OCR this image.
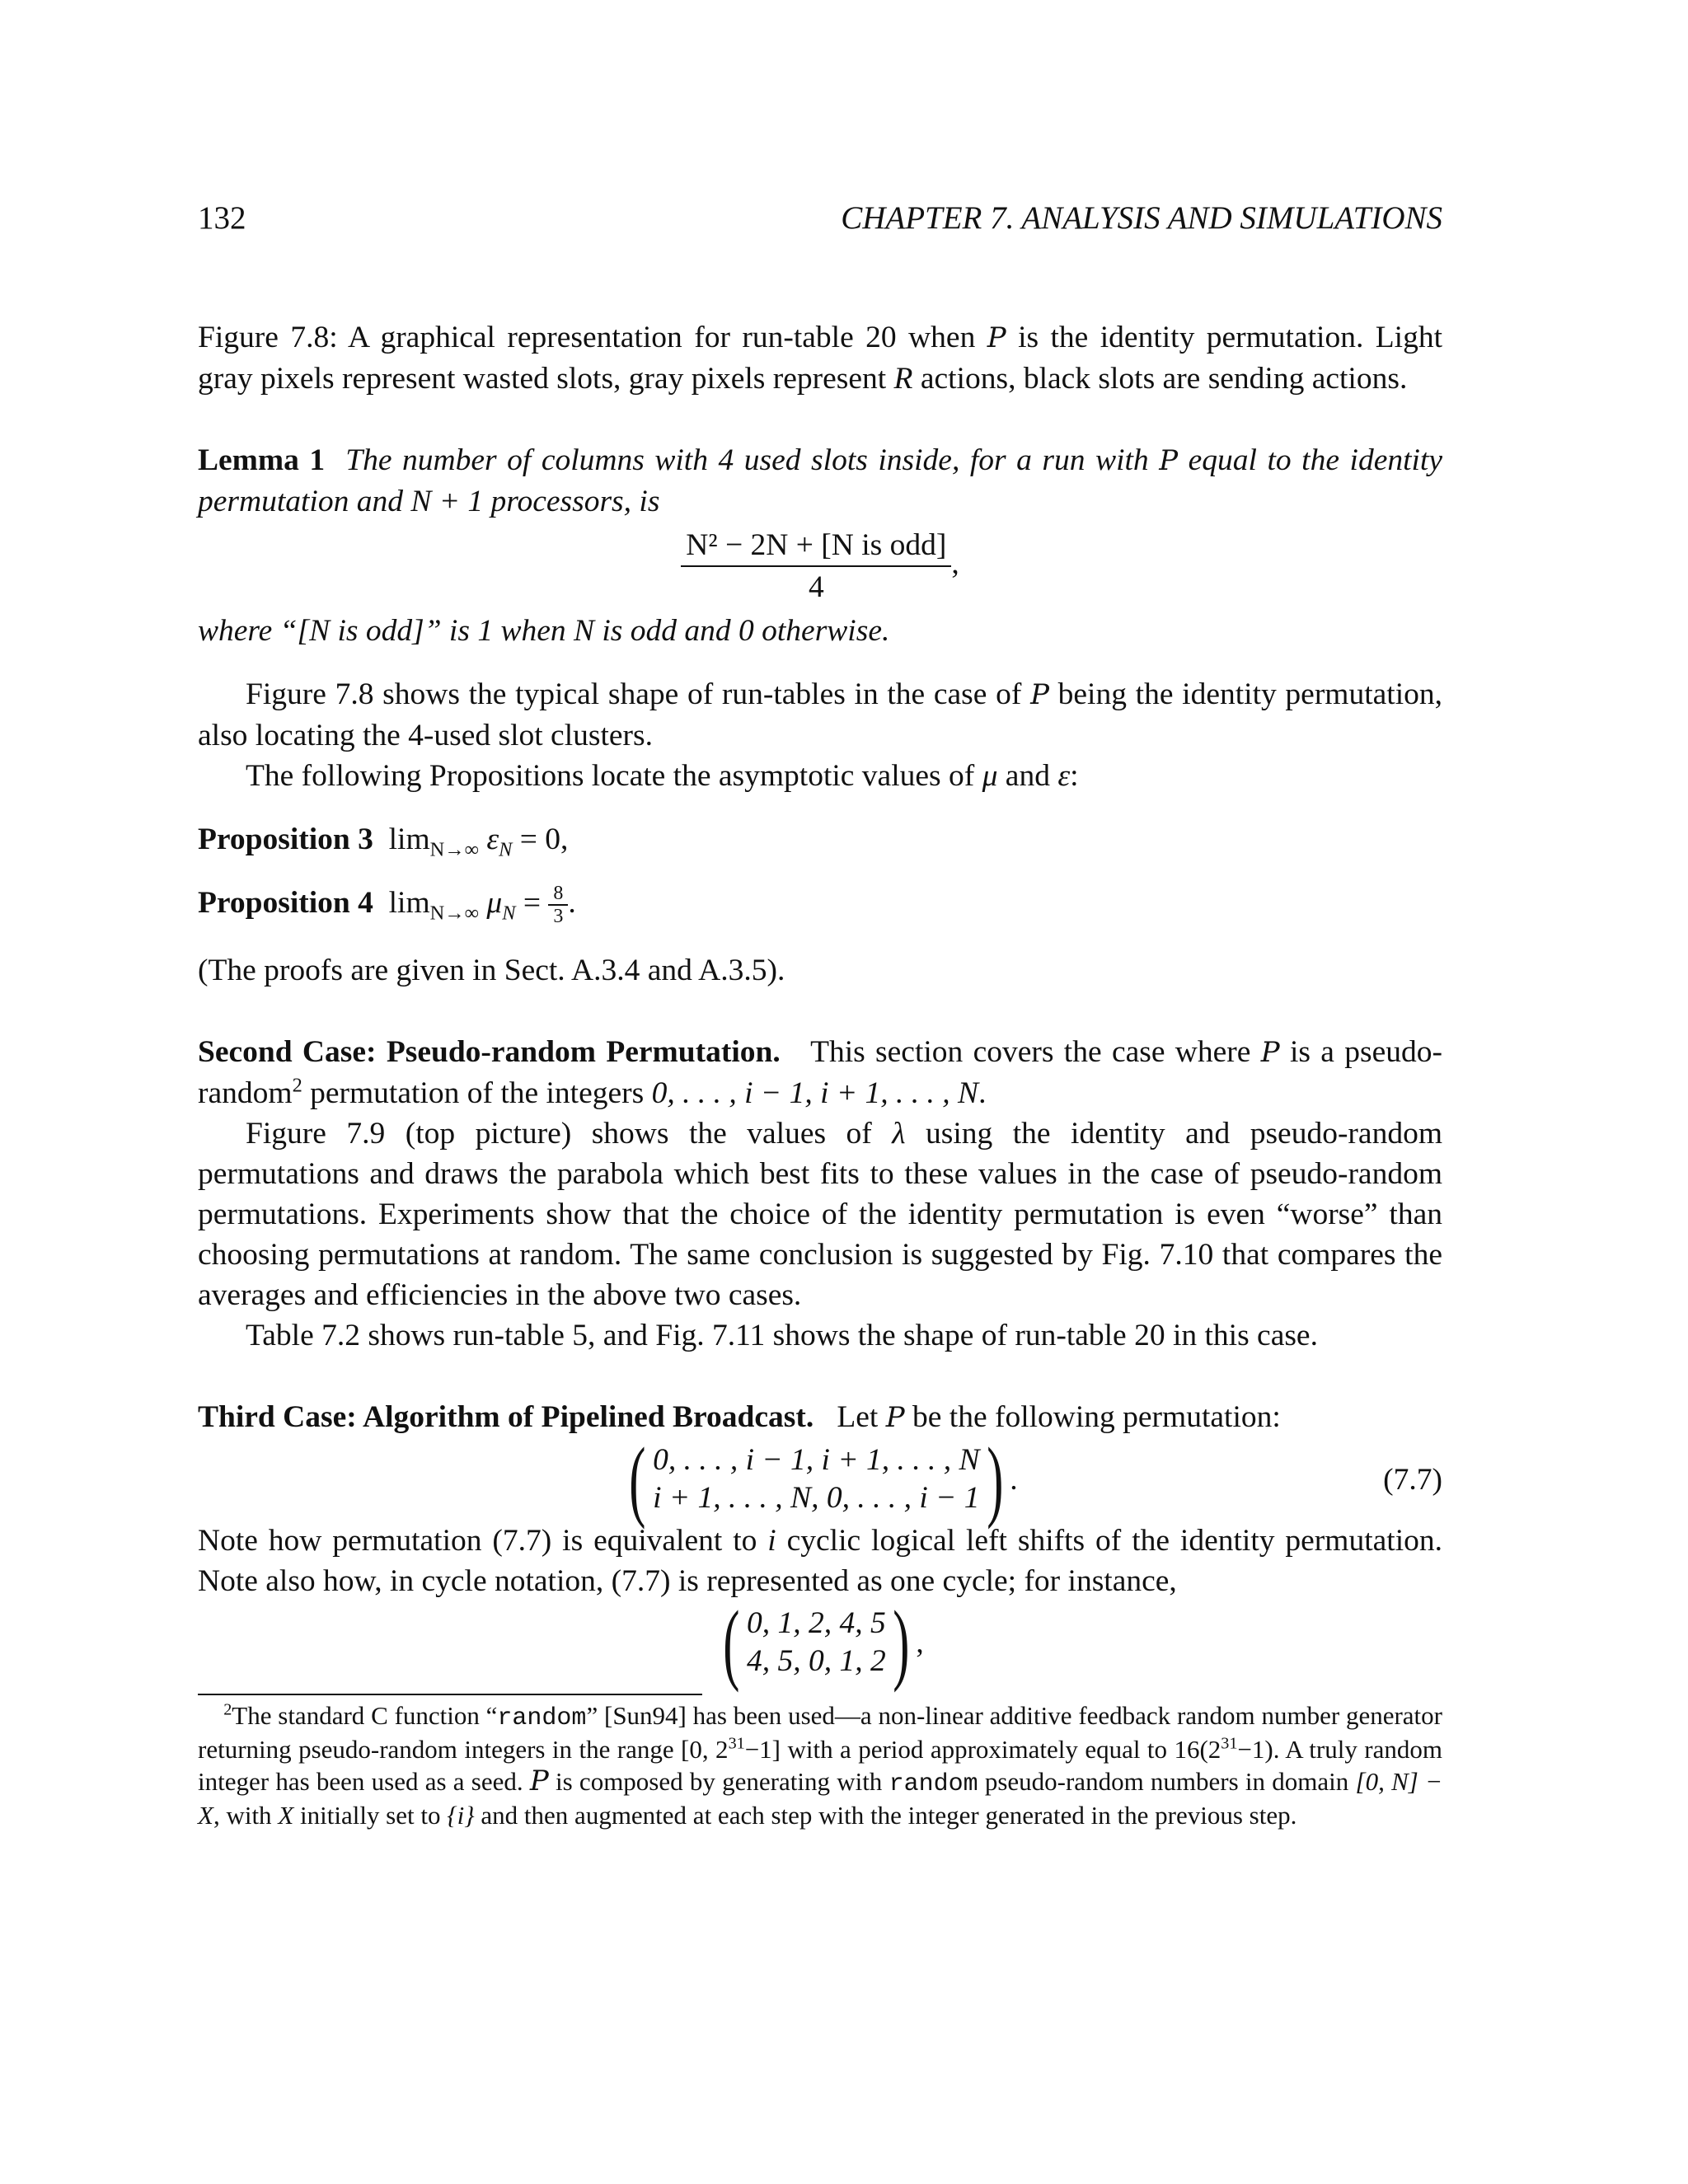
132	CHAPTER 7. ANALYSIS AND SIMULATIONS

Figure 7.8: A graphical representation for run-table 20 when P is the identity permutation. Light gray pixels represent wasted slots, gray pixels represent R actions, black slots are sending actions.

Lemma 1 The number of columns with 4 used slots inside, for a run with P equal to the identity permutation and N + 1 processors, is

$\frac{\text{N² − 2N + [N is odd]}}{4}$ ,

where “[N is odd]” is 1 when N is odd and 0 otherwise.

Figure 7.8 shows the typical shape of run-tables in the case of P being the identity permutation, also locating the 4-used slot clusters.

The following Propositions locate the asymptotic values of μ and ε:

Proposition 3 $\lim_{N\to\infty} \varepsilon_N = 0$,

Proposition 4 $\lim_{N\to\infty} \mu_N = \frac{8}{3}$ .

(The proofs are given in Sect. A.3.4 and A.3.5).

Second Case: Pseudo-random Permutation. This section covers the case where P is a pseudo-random$^2$ permutation of the integers 0, . . . , i − 1, i + 1, . . . , N.

Figure 7.9 (top picture) shows the values of λ using the identity and pseudo-random permutations and draws the parabola which best fits to these values in the case of pseudo-random permutations. Experiments show that the choice of the identity permutation is even “worse” than choosing permutations at random. The same conclusion is suggested by Fig. 7.10 that compares the averages and efficiencies in the above two cases.

Table 7.2 shows run-table 5, and Fig. 7.11 shows the shape of run-table 20 in this case.

Third Case: Algorithm of Pipelined Broadcast. Let P be the following permutation:

( 0, . . . , i − 1, i + 1, . . . , N
i + 1, . . . , N, 0, . . . , i − 1 ) .	(7.7)

Note how permutation (7.7) is equivalent to i cyclic logical left shifts of the identity permutation. Note also how, in cycle notation, (7.7) is represented as one cycle; for instance,

( 0, 1, 2, 4, 5
4, 5, 0, 1, 2 ) ,

$^2$The standard C function “random” [Sun94] has been used—a non-linear additive feedback random number generator returning pseudo-random integers in the range [0, $2^{31}-1$] with a period approximately equal to $16(2^{31}-1)$. A truly random integer has been used as a seed. P is composed by generating with random pseudo-random numbers in domain [0, N] − X, with X initially set to {i} and then augmented at each step with the integer generated in the previous step.
